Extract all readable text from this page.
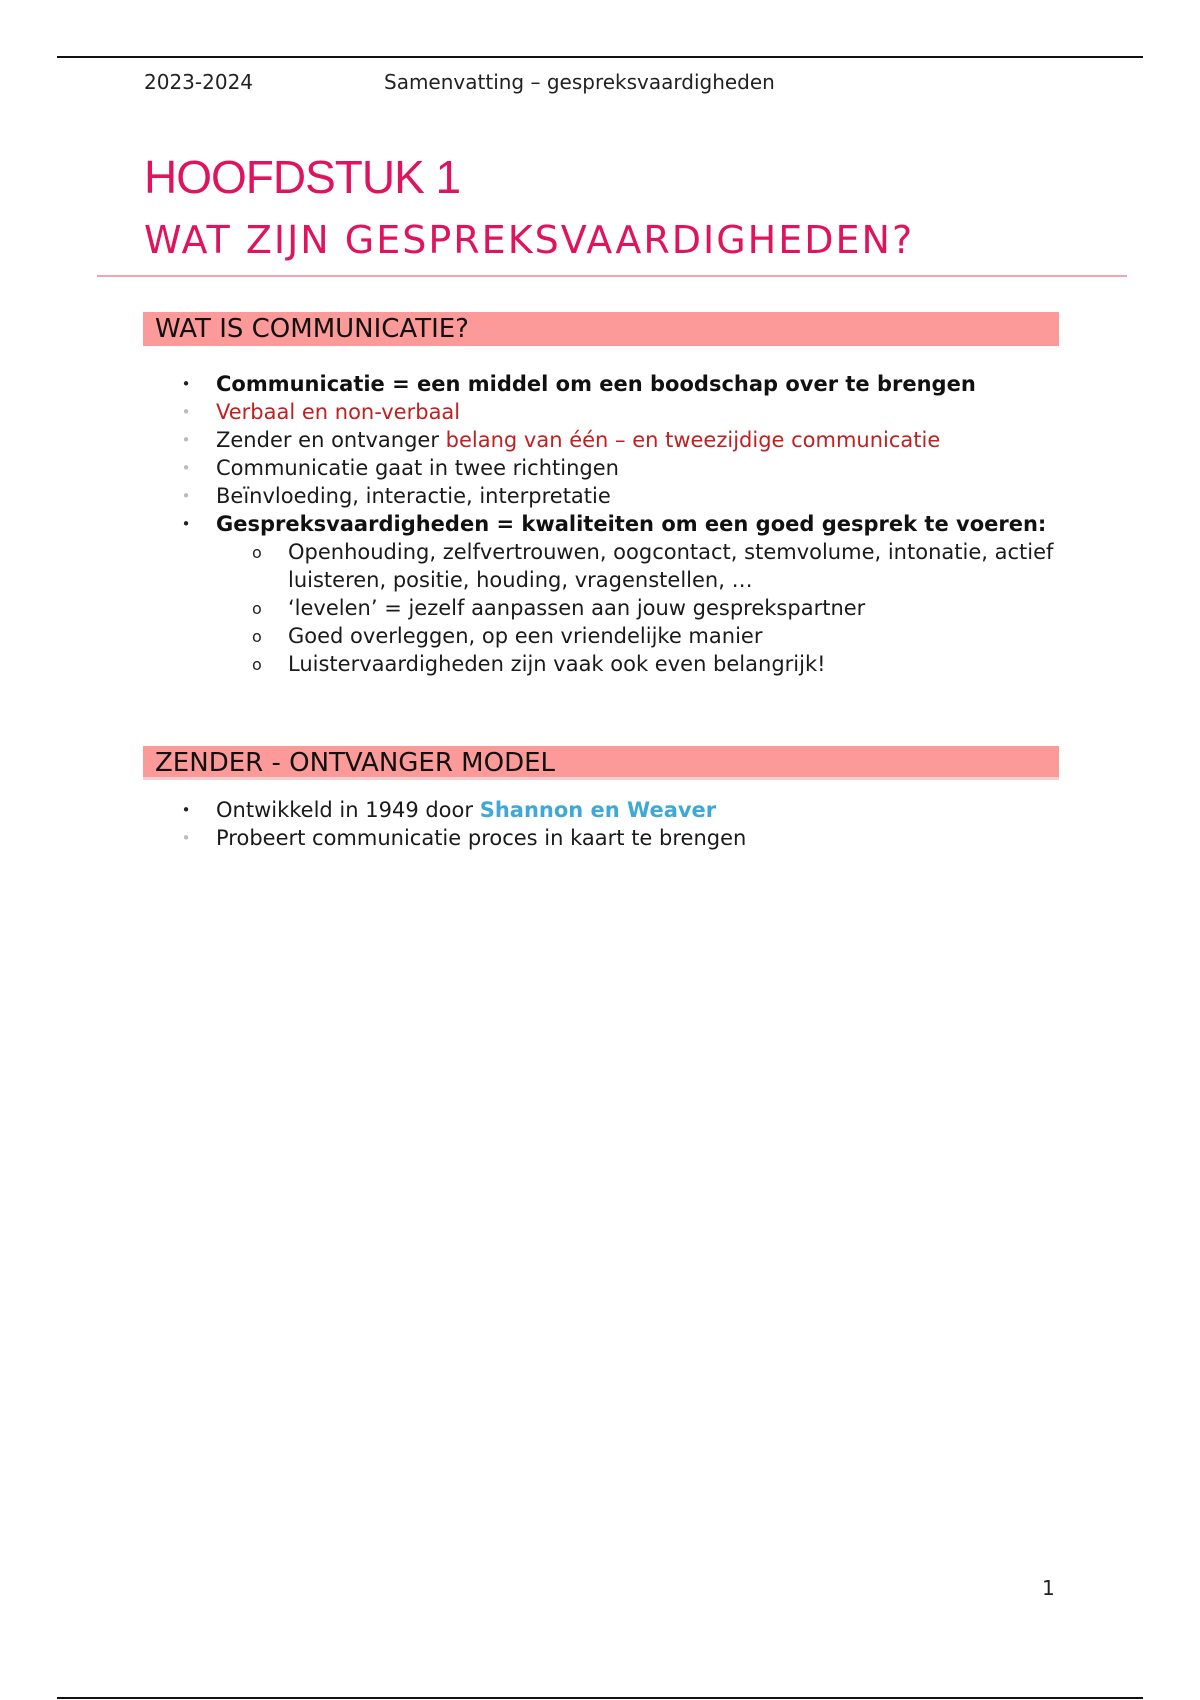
2023-2024	Samenvatting – gespreksvaardigheden
HOOFDSTUK 1
WAT ZIJN GESPREKSVAARDIGHEDEN?
WAT IS COMMUNICATIE?
• Communicatie = een middel om een boodschap over te brengen
• Verbaal en non-verbaal
• Zender en ontvanger belang van één – en tweezijdige communicatie
• Communicatie gaat in twee richtingen
• Beïnvloeding, interactie, interpretatie
• Gespreksvaardigheden = kwaliteiten om een goed gesprek te voeren:
o Openhouding, zelfvertrouwen, oogcontact, stemvolume, intonatie, actief luisteren, positie, houding, vragenstellen, …
o ‘levelen’ = jezelf aanpassen aan jouw gesprekspartner
o Goed overleggen, op een vriendelijke manier
o Luistervaardigheden zijn vaak ook even belangrijk!
ZENDER - ONTVANGER MODEL
• Ontwikkeld in 1949 door Shannon en Weaver
• Probeert communicatie proces in kaart te brengen
1
